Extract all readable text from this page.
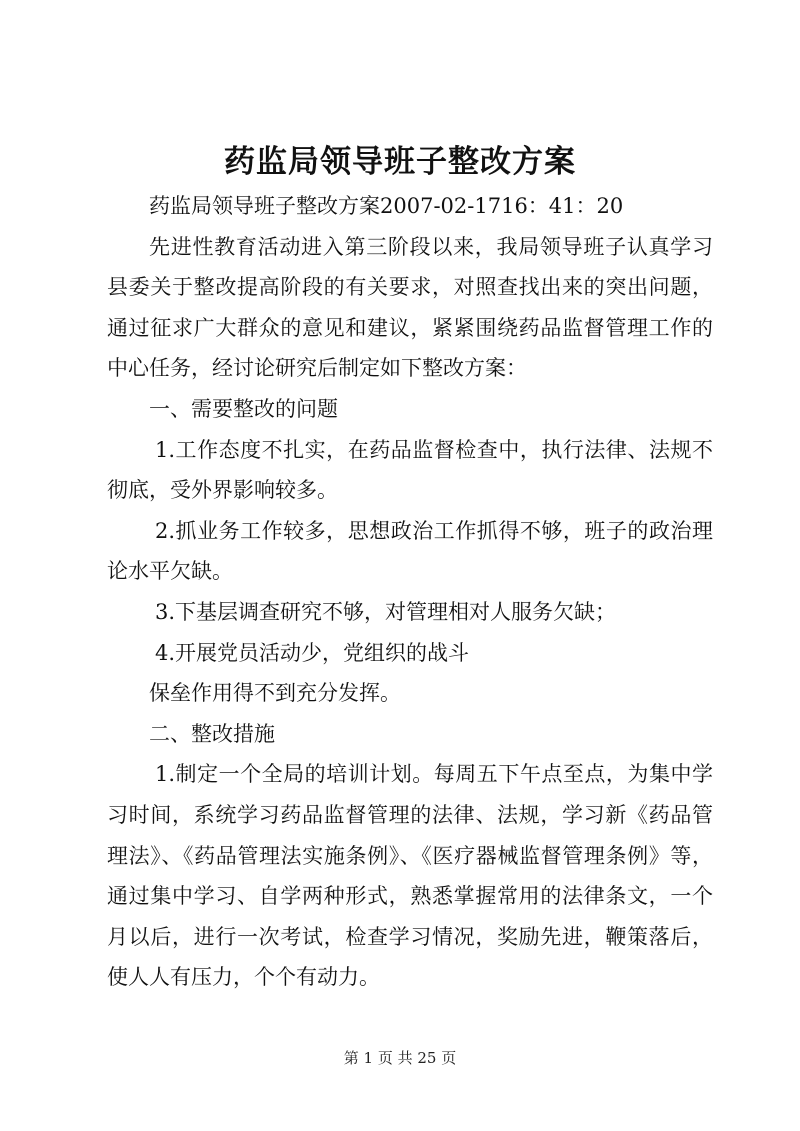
药监局领导班子整改方案

药监局领导班子整改方案2007-02-1716：41：20

先进性教育活动进入第三阶段以来，我局领导班子认真学习县委关于整改提高阶段的有关要求，对照查找出来的突出问题，通过征求广大群众的意见和建议，紧紧围绕药品监督管理工作的中心任务，经讨论研究后制定如下整改方案：

一、需要整改的问题

1.工作态度不扎实，在药品监督检查中，执行法律、法规不彻底，受外界影响较多。

2.抓业务工作较多，思想政治工作抓得不够，班子的政治理论水平欠缺。

3.下基层调查研究不够，对管理相对人服务欠缺；

4.开展党员活动少，党组织的战斗

保垒作用得不到充分发挥。

二、整改措施

1.制定一个全局的培训计划。每周五下午点至点，为集中学习时间，系统学习药品监督管理的法律、法规，学习新《药品管理法》、《药品管理法实施条例》、《医疗器械监督管理条例》等，通过集中学习、自学两种形式，熟悉掌握常用的法律条文，一个月以后，进行一次考试，检查学习情况，奖励先进，鞭策落后，使人人有压力，个个有动力。

第 1 页 共 25 页
